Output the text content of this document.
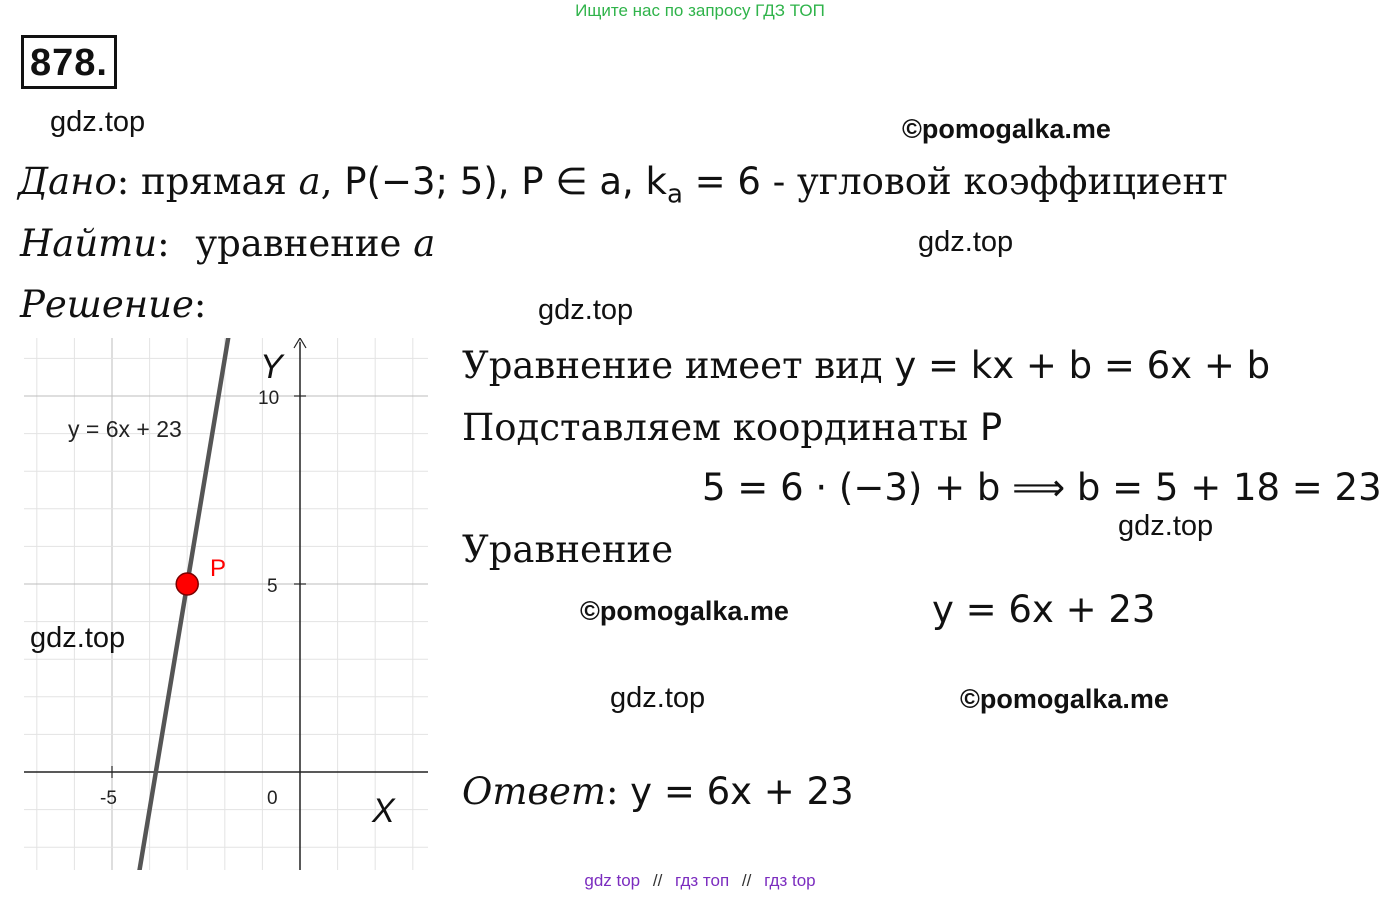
Ищите нас по запросу ГДЗ ТОП
878.
gdz.top	©pomogalka.me
Дано: прямая a, P(−3; 5), P ∈ a, $k_a = 6$ - угловой коэффициент
Найти: уравнение a	gdz.top
Решение:	gdz.top
Y
X
10
5
0
-5
y = 6x + 23
P
gdz.top
Уравнение имеет вид y = kx + b = 6x + b
Подставляем координаты P
5 = 6 · (−3) + b ⟹ b = 5 + 18 = 23
gdz.top
Уравнение
©pomogalka.me	y = 6x + 23
gdz.top	©pomogalka.me
Ответ: y = 6x + 23
gdz top // гдз топ // гдз top
